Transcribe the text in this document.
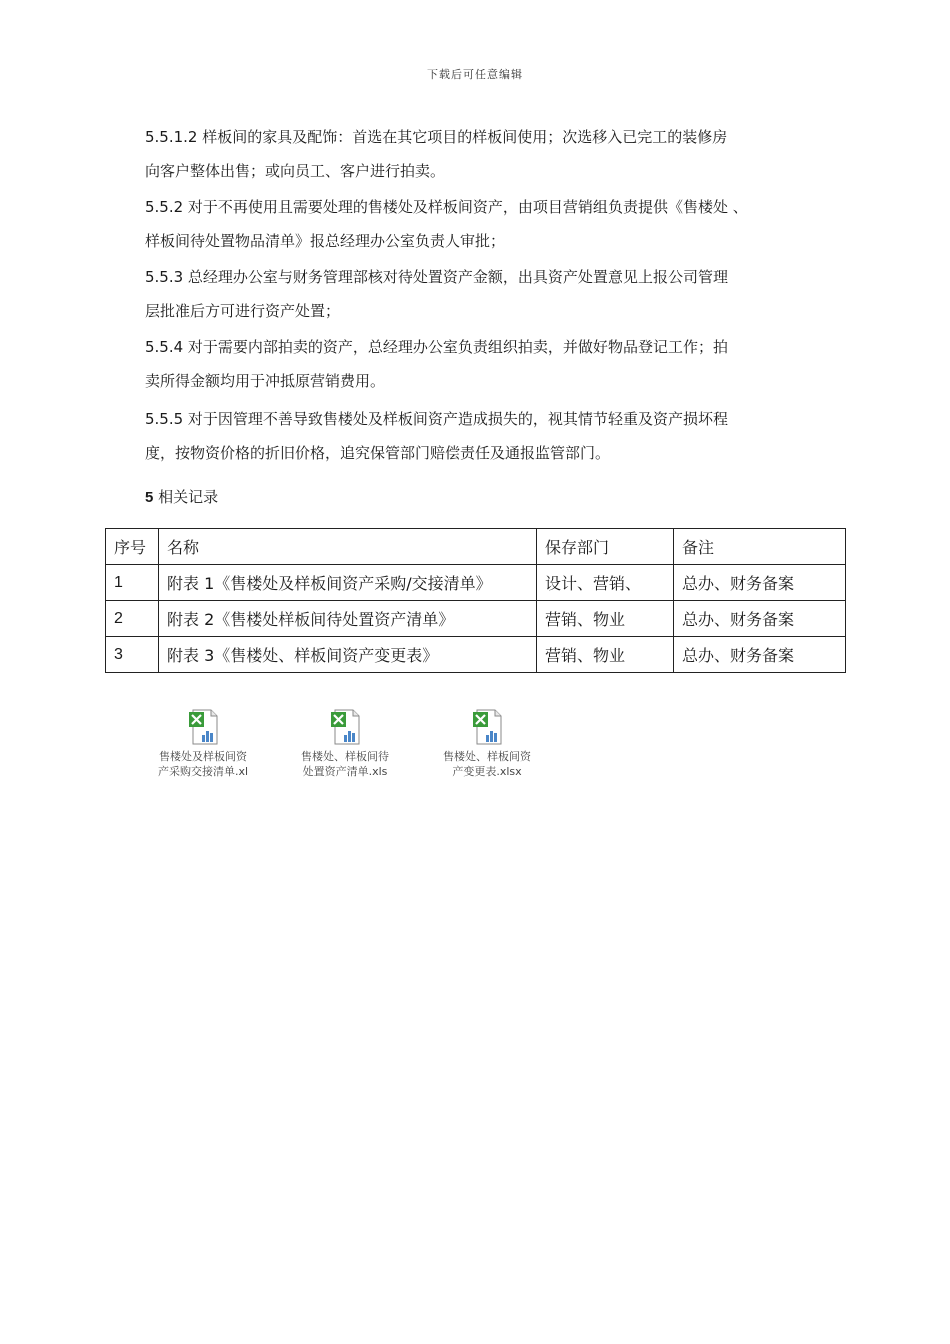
下载后可任意编辑

5.5.1.2 样板间的家具及配饰：首选在其它项目的样板间使用；次选移入已完工的装修房

向客户整体出售；或向员工、客户进行拍卖。

5.5.2 对于不再使用且需要处理的售楼处及样板间资产，由项目营销组负责提供《售楼处 、

样板间待处置物品清单》报总经理办公室负责人审批；

5.5.3 总经理办公室与财务管理部核对待处置资产金额，出具资产处置意见上报公司管理

层批准后方可进行资产处置；

5.5.4 对于需要内部拍卖的资产，总经理办公室负责组织拍卖，并做好物品登记工作；拍

卖所得金额均用于冲抵原营销费用。

5.5.5 对于因管理不善导致售楼处及样板间资产造成损失的，视其情节轻重及资产损坏程

度，按物资价格的折旧价格，追究保管部门赔偿责任及通报监管部门。

5 相关记录
序号	名称	保存部门	备注
1	附表 1《售楼处及样板间资产采购/交接清单》	设计、营销、	总办、财务备案
2	附表 2《售楼处样板间待处置资产清单》	营销、物业	总办、财务备案
3	附表 3《售楼处、样板间资产变更表》	营销、物业	总办、财务备案
售楼处及样板间资
产采购交接清单.xl
售楼处、样板间待
处置资产清单.xls
售楼处、样板间资
产变更表.xlsx
